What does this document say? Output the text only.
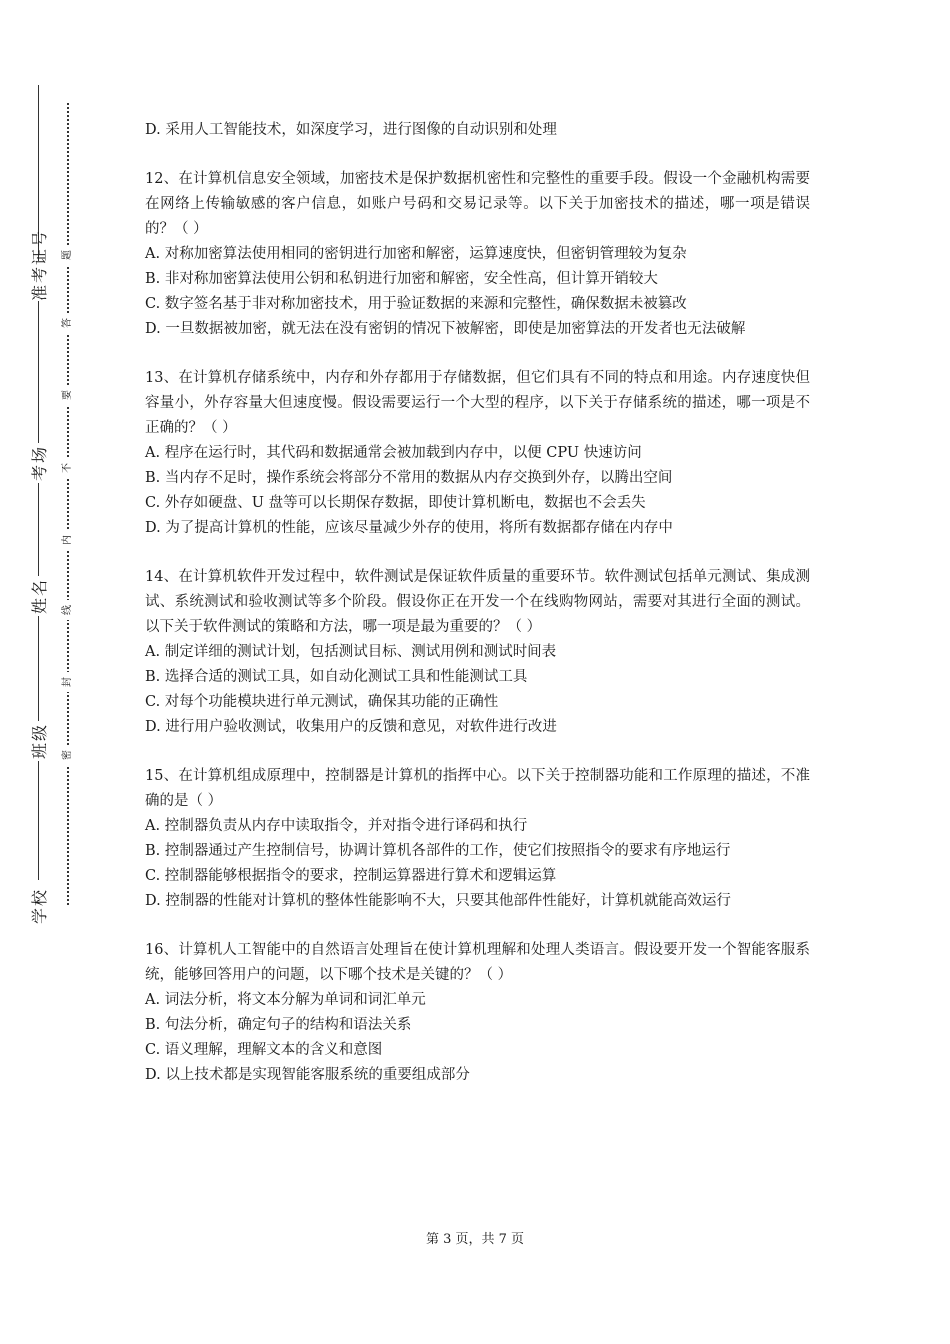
准考证号
考场
姓名
班级
学校
题
答
要
不
内
线
封
密

D. 采用人工智能技术，如深度学习，进行图像的自动识别和处理

12、在计算机信息安全领域，加密技术是保护数据机密性和完整性的重要手段。假设一个金融机构需要在网络上传输敏感的客户信息，如账户号码和交易记录等。以下关于加密技术的描述，哪一项是错误的？（ ）

A. 对称加密算法使用相同的密钥进行加密和解密，运算速度快，但密钥管理较为复杂

B. 非对称加密算法使用公钥和私钥进行加密和解密，安全性高，但计算开销较大

C. 数字签名基于非对称加密技术，用于验证数据的来源和完整性，确保数据未被篡改

D. 一旦数据被加密，就无法在没有密钥的情况下被解密，即使是加密算法的开发者也无法破解

13、在计算机存储系统中，内存和外存都用于存储数据，但它们具有不同的特点和用途。内存速度快但容量小，外存容量大但速度慢。假设需要运行一个大型的程序，以下关于存储系统的描述，哪一项是不正确的？（ ）

A. 程序在运行时，其代码和数据通常会被加载到内存中，以便 CPU 快速访问

B. 当内存不足时，操作系统会将部分不常用的数据从内存交换到外存，以腾出空间

C. 外存如硬盘、U 盘等可以长期保存数据，即使计算机断电，数据也不会丢失

D. 为了提高计算机的性能，应该尽量减少外存的使用，将所有数据都存储在内存中

14、在计算机软件开发过程中，软件测试是保证软件质量的重要环节。软件测试包括单元测试、集成测试、系统测试和验收测试等多个阶段。假设你正在开发一个在线购物网站，需要对其进行全面的测试。以下关于软件测试的策略和方法，哪一项是最为重要的？（ ）

A. 制定详细的测试计划，包括测试目标、测试用例和测试时间表

B. 选择合适的测试工具，如自动化测试工具和性能测试工具

C. 对每个功能模块进行单元测试，确保其功能的正确性

D. 进行用户验收测试，收集用户的反馈和意见，对软件进行改进

15、在计算机组成原理中，控制器是计算机的指挥中心。以下关于控制器功能和工作原理的描述，不准确的是（ ）

A. 控制器负责从内存中读取指令，并对指令进行译码和执行

B. 控制器通过产生控制信号，协调计算机各部件的工作，使它们按照指令的要求有序地运行

C. 控制器能够根据指令的要求，控制运算器进行算术和逻辑运算

D. 控制器的性能对计算机的整体性能影响不大，只要其他部件性能好，计算机就能高效运行

16、计算机人工智能中的自然语言处理旨在使计算机理解和处理人类语言。假设要开发一个智能客服系统，能够回答用户的问题，以下哪个技术是关键的？（ ）

A. 词法分析，将文本分解为单词和词汇单元

B. 句法分析，确定句子的结构和语法关系

C. 语义理解，理解文本的含义和意图

D. 以上技术都是实现智能客服系统的重要组成部分

第 3 页，共 7 页
